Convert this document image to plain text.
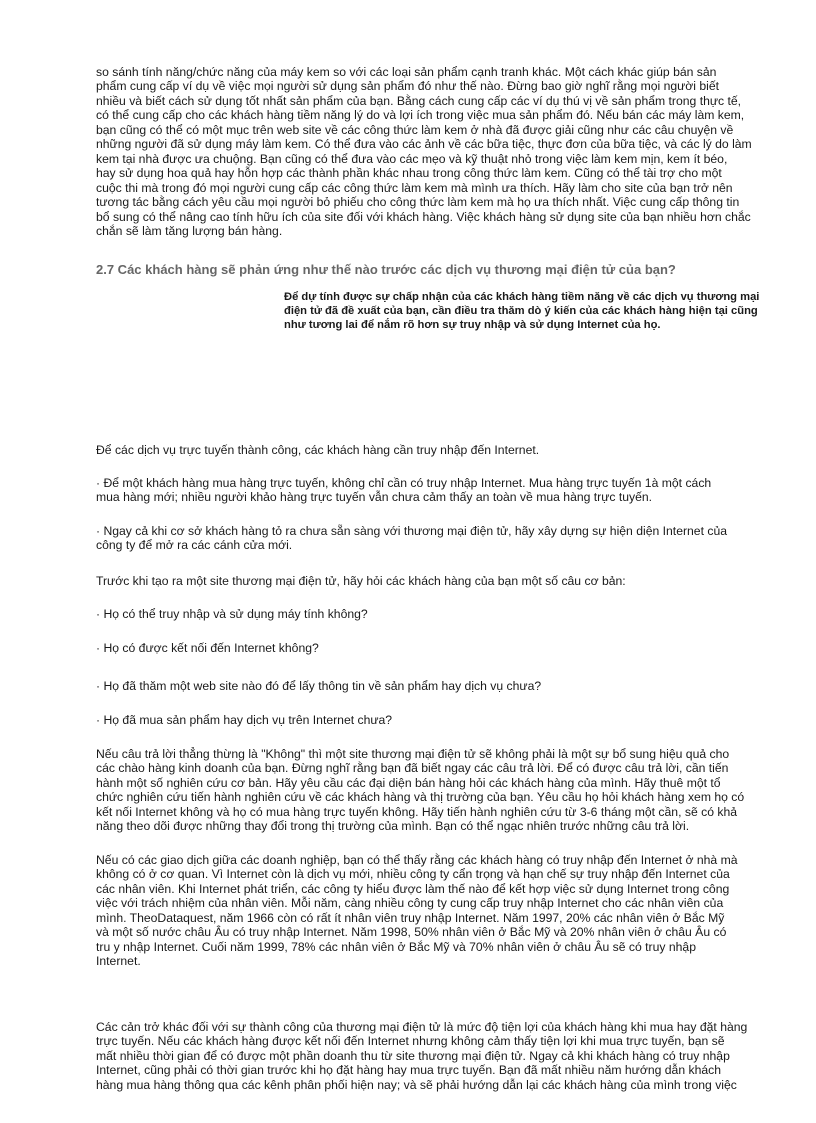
so sánh tính năng/chức năng của máy kem so với các loại sản phẩm cạnh tranh khác. Một cách khác giúp bán sản
phẩm cung cấp ví dụ về việc mọi người sử dụng sản phẩm đó như thế nào. Đừng bao giờ nghĩ rằng mọi người biết
nhiều và biết cách sử dụng tốt nhất sản phẩm của bạn. Bằng cách cung cấp các ví dụ thú vị về sản phẩm trong thực tế,
có thể cung cấp cho các khách hàng tiềm năng lý do và lợi ích trong việc mua sản phẩm đó. Nếu bán các máy làm kem,
bạn cũng có thể có một mục trên web site về các công thức làm kem ở nhà đã được giải cũng như các câu chuyện về
những người đã sử dụng máy làm kem. Có thể đưa vào các ảnh về các bữa tiệc, thực đơn của bữa tiệc, và các lý do làm
kem tại nhà được ưa chuộng. Bạn cũng có thể đưa vào các mẹo và kỹ thuật nhỏ trong việc làm kem mịn, kem ít béo,
hay sử dụng hoa quả hay hỗn hợp các thành phần khác nhau trong công thức làm kem. Cũng có thể tài trợ cho một
cuộc thi mà trong đó mọi người cung cấp các công thức làm kem mà mình ưa thích. Hãy làm cho site của bạn trở nên
tương tác bằng cách yêu cầu mọi người bỏ phiếu cho công thức làm kem mà họ ưa thích nhất. Việc cung cấp thông tin
bổ sung có thể nâng cao tính hữu ích của site đối với khách hàng. Việc khách hàng sử dụng site của bạn nhiều hơn chắc
chắn sẽ làm tăng lượng bán hàng.

2.7 Các khách hàng sẽ phản ứng như thế nào trước các dịch vụ thương mại điện tử của bạn?

Để dự tính được sự chấp nhận của các khách hàng tiềm năng về các dịch vụ thương mại
điện tử đã đề xuất của bạn, cần điều tra thăm dò ý kiến của các khách hàng hiện tại cũng
như tương lai để nắm rõ hơn sự truy nhập và sử dụng Internet của họ.

Để các dịch vụ trực tuyến thành công, các khách hàng cần truy nhập đến Internet.

· Để một khách hàng mua hàng trực tuyến, không chỉ cần có truy nhập Internet. Mua hàng trực tuyến 1à một cách
mua hàng mới; nhiều người khảo hàng trực tuyến vẫn chưa cảm thấy an toàn về mua hàng trực tuyến.

· Ngay cả khi cơ sở khách hàng tỏ ra chưa sẵn sàng với thương mại điện tử, hãy xây dựng sự hiện diện Internet của
công ty để mở ra các cánh cửa mới.

Trước khi tạo ra một site thương mại điện tử, hãy hỏi các khách hàng của bạn một số câu cơ bản:

· Họ có thể truy nhập và sử dụng máy tính không?

· Họ có được kết nối đến Internet không?

· Họ đã thăm một web site nào đó để lấy thông tin về sản phẩm hay dịch vụ chưa?

· Họ đã mua sản phẩm hay dịch vụ trên Internet chưa?

Nếu câu trả lời thẳng thừng là "Không" thì một site thương mại điện tử sẽ không phải là một sự bổ sung hiệu quả cho
các chào hàng kinh doanh của bạn. Đừng nghĩ rằng bạn đã biết ngay các câu trả lời. Để có được câu trả lời, cần tiến
hành một số nghiên cứu cơ bản. Hãy yêu cầu các đại diện bán hàng hỏi các khách hàng của mình. Hãy thuê một tổ
chức nghiên cứu tiến hành nghiên cứu về các khách hàng và thị trường của bạn. Yêu cầu họ hỏi khách hàng xem họ có
kết nối Internet không và họ có mua hàng trực tuyến không. Hãy tiến hành nghiên cứu từ 3-6 tháng một cần, sẽ có khả
năng theo dõi được những thay đổi trong thị trường của mình. Bạn có thể ngạc nhiên trước những câu trả lời.

Nếu có các giao dịch giữa các doanh nghiệp, bạn có thể thấy rằng các khách hàng có truy nhập đến Internet ở nhà mà
không có ở cơ quan. Vì Internet còn là dịch vụ mới, nhiều công ty cẩn trọng và hạn chế sự truy nhập đến Internet của
các nhân viên. Khi Internet phát triển, các công ty hiểu được làm thế nào để kết hợp việc sử dụng Internet trong công
việc với trách nhiệm của nhân viên. Mỗi năm, càng nhiều công ty cung cấp truy nhập Internet cho các nhân viên của
mình. TheoDataquest, năm 1966 còn có rất ít nhân viên truy nhập Internet. Năm 1997, 20% các nhân viên ở Bắc Mỹ
và một số nước châu Âu có truy nhập Internet. Năm 1998, 50% nhân viên ở Bắc Mỹ và 20% nhân viên ở châu Âu có
tru y nhập Internet. Cuối năm 1999, 78% các nhân viên ở Bắc Mỹ và 70% nhân viên ở châu Âu sẽ có truy nhập
Internet.

Các cản trở khác đối với sự thành công của thương mại điện tử là mức độ tiện lợi của khách hàng khi mua hay đặt hàng
trực tuyến. Nếu các khách hàng được kết nối đến Internet nhưng không cảm thấy tiện lợi khi mua trực tuyến, bạn sẽ
mất nhiều thời gian để có được một phần doanh thu từ site thương mại điện tử. Ngay cả khi khách hàng có truy nhập
Internet, cũng phải có thời gian trước khi họ đặt hàng hay mua trực tuyến. Bạn đã mất nhiều năm hướng dẫn khách
hàng mua hàng thông qua các kênh phân phối hiện nay; và sẽ phải hướng dẫn lại các khách hàng của mình trong việc
